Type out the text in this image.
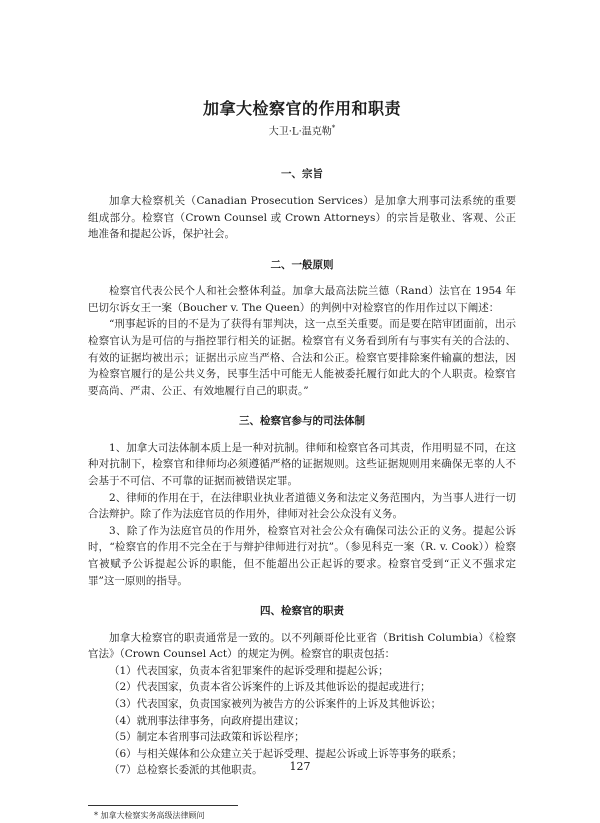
加拿大检察官的作用和职责
大卫·L·温克勒*
一、宗旨

加拿大检察机关（Canadian Prosecution Services）是加拿大刑事司法系统的重要组成部分。检察官（Crown Counsel 或 Crown Attorneys）的宗旨是敬业、客观、公正地准备和提起公诉，保护社会。

二、一般原则

检察官代表公民个人和社会整体利益。加拿大最高法院兰德（Rand）法官在 1954 年巴切尔诉女王一案（Boucher v. The Queen）的判例中对检察官的作用作过以下阐述：

“刑事起诉的目的不是为了获得有罪判决，这一点至关重要。而是要在陪审团面前，出示检察官认为是可信的与指控罪行相关的证据。检察官有义务看到所有与事实有关的合法的、有效的证据均被出示；证据出示应当严格、合法和公正。检察官要排除案件输赢的想法，因为检察官履行的是公共义务，民事生活中可能无人能被委托履行如此大的个人职责。检察官要高尚、严肃、公正、有效地履行自己的职责。”

三、检察官参与的司法体制

1、加拿大司法体制本质上是一种对抗制。律师和检察官各司其责，作用明显不同，在这种对抗制下，检察官和律师均必须遵循严格的证据规则。这些证据规则用来确保无辜的人不会基于不可信、不可靠的证据而被错误定罪。

2、律师的作用在于，在法律职业执业者道德义务和法定义务范围内，为当事人进行一切合法辩护。除了作为法庭官员的作用外，律师对社会公众没有义务。

3、除了作为法庭官员的作用外，检察官对社会公众有确保司法公正的义务。提起公诉时，“检察官的作用不完全在于与辩护律师进行对抗”。（参见科克一案（R. v. Cook））检察官被赋予公诉提起公诉的职能，但不能超出公正起诉的要求。检察官受到“正义不强求定罪”这一原则的指导。

四、检察官的职责

加拿大检察官的职责通常是一致的。以不列颠哥伦比亚省（British Columbia）《检察官法》（Crown Counsel Act）的规定为例。检察官的职责包括：

（1）代表国家，负责本省犯罪案件的起诉受理和提起公诉；
（2）代表国家，负责本省公诉案件的上诉及其他诉讼的提起或进行；
（3）代表国家，负责国家被列为被告方的公诉案件的上诉及其他诉讼；
（4）就刑事法律事务，向政府提出建议；
（5）制定本省刑事司法政策和诉讼程序；
（6）与相关媒体和公众建立关于起诉受理、提起公诉或上诉等事务的联系；
（7）总检察长委派的其他职责。

* 加拿大检察实务高级法律顾问

127
